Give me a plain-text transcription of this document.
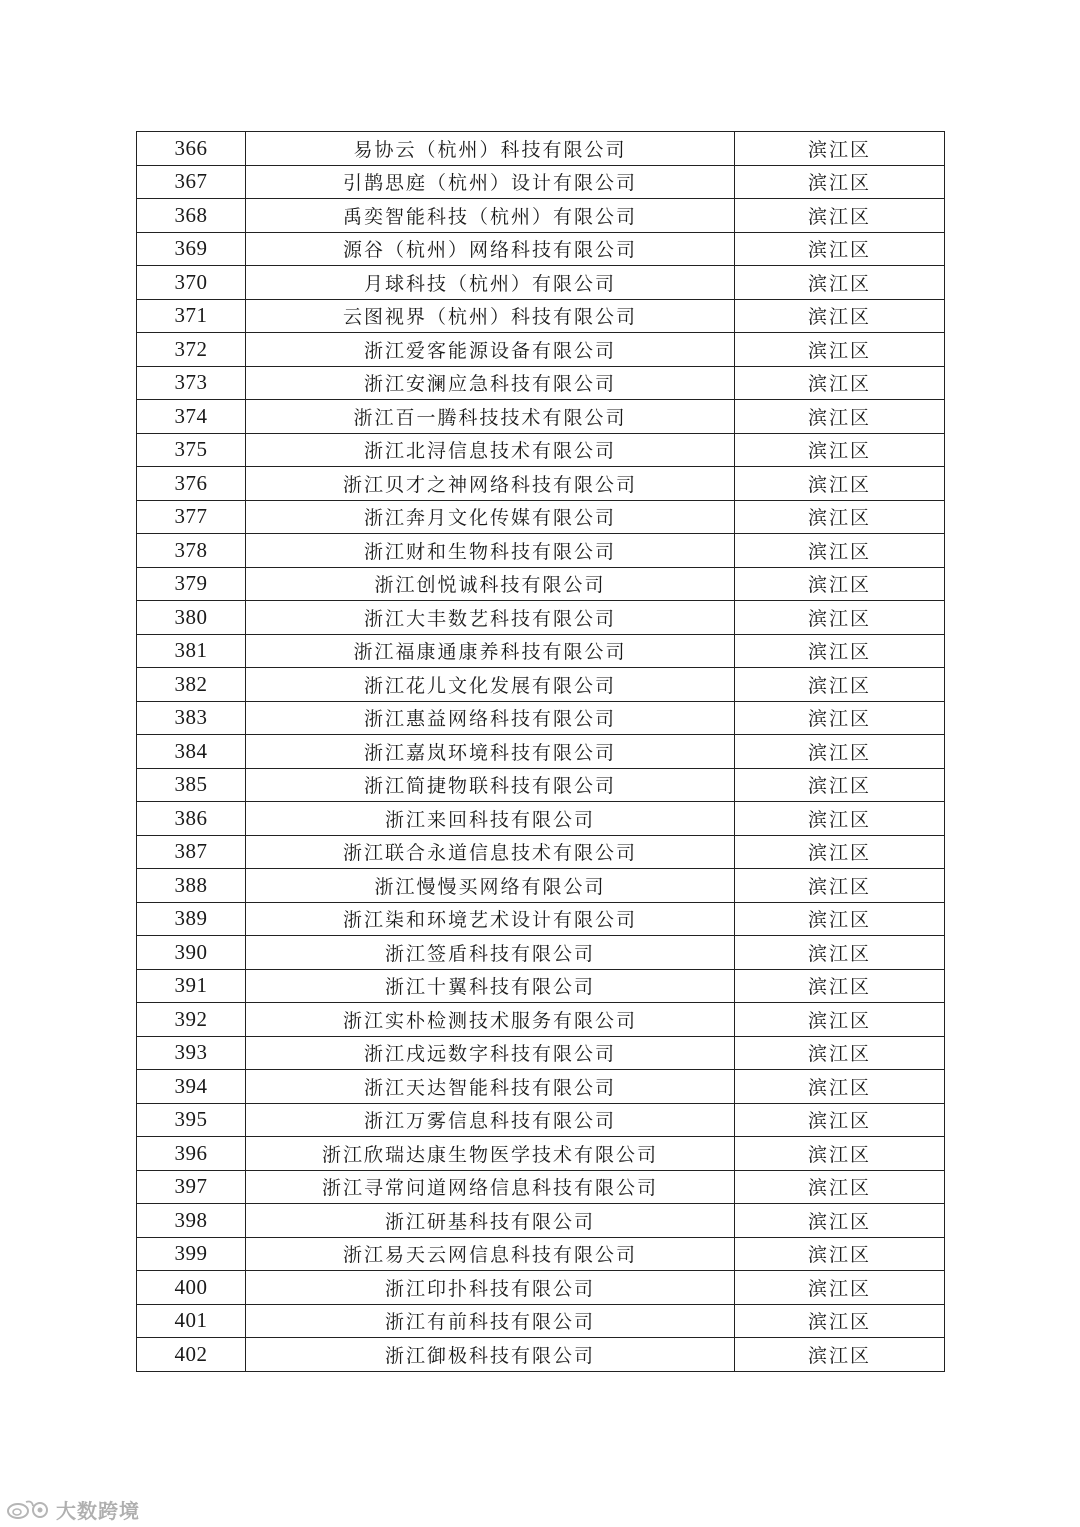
366	易协云（杭州）科技有限公司	滨江区
367	引鹊思庭（杭州）设计有限公司	滨江区
368	禹奕智能科技（杭州）有限公司	滨江区
369	源谷（杭州）网络科技有限公司	滨江区
370	月球科技（杭州）有限公司	滨江区
371	云图视界（杭州）科技有限公司	滨江区
372	浙江爱客能源设备有限公司	滨江区
373	浙江安澜应急科技有限公司	滨江区
374	浙江百一腾科技技术有限公司	滨江区
375	浙江北浔信息技术有限公司	滨江区
376	浙江贝才之神网络科技有限公司	滨江区
377	浙江奔月文化传媒有限公司	滨江区
378	浙江财和生物科技有限公司	滨江区
379	浙江创悦诚科技有限公司	滨江区
380	浙江大丰数艺科技有限公司	滨江区
381	浙江福康通康养科技有限公司	滨江区
382	浙江花儿文化发展有限公司	滨江区
383	浙江惠益网络科技有限公司	滨江区
384	浙江嘉岚环境科技有限公司	滨江区
385	浙江简捷物联科技有限公司	滨江区
386	浙江来回科技有限公司	滨江区
387	浙江联合永道信息技术有限公司	滨江区
388	浙江慢慢买网络有限公司	滨江区
389	浙江柒和环境艺术设计有限公司	滨江区
390	浙江签盾科技有限公司	滨江区
391	浙江十翼科技有限公司	滨江区
392	浙江实朴检测技术服务有限公司	滨江区
393	浙江戌远数字科技有限公司	滨江区
394	浙江天达智能科技有限公司	滨江区
395	浙江万雾信息科技有限公司	滨江区
396	浙江欣瑞达康生物医学技术有限公司	滨江区
397	浙江寻常问道网络信息科技有限公司	滨江区
398	浙江研基科技有限公司	滨江区
399	浙江易天云网信息科技有限公司	滨江区
400	浙江印扑科技有限公司	滨江区
401	浙江有前科技有限公司	滨江区
402	浙江御极科技有限公司	滨江区
大数跨境
